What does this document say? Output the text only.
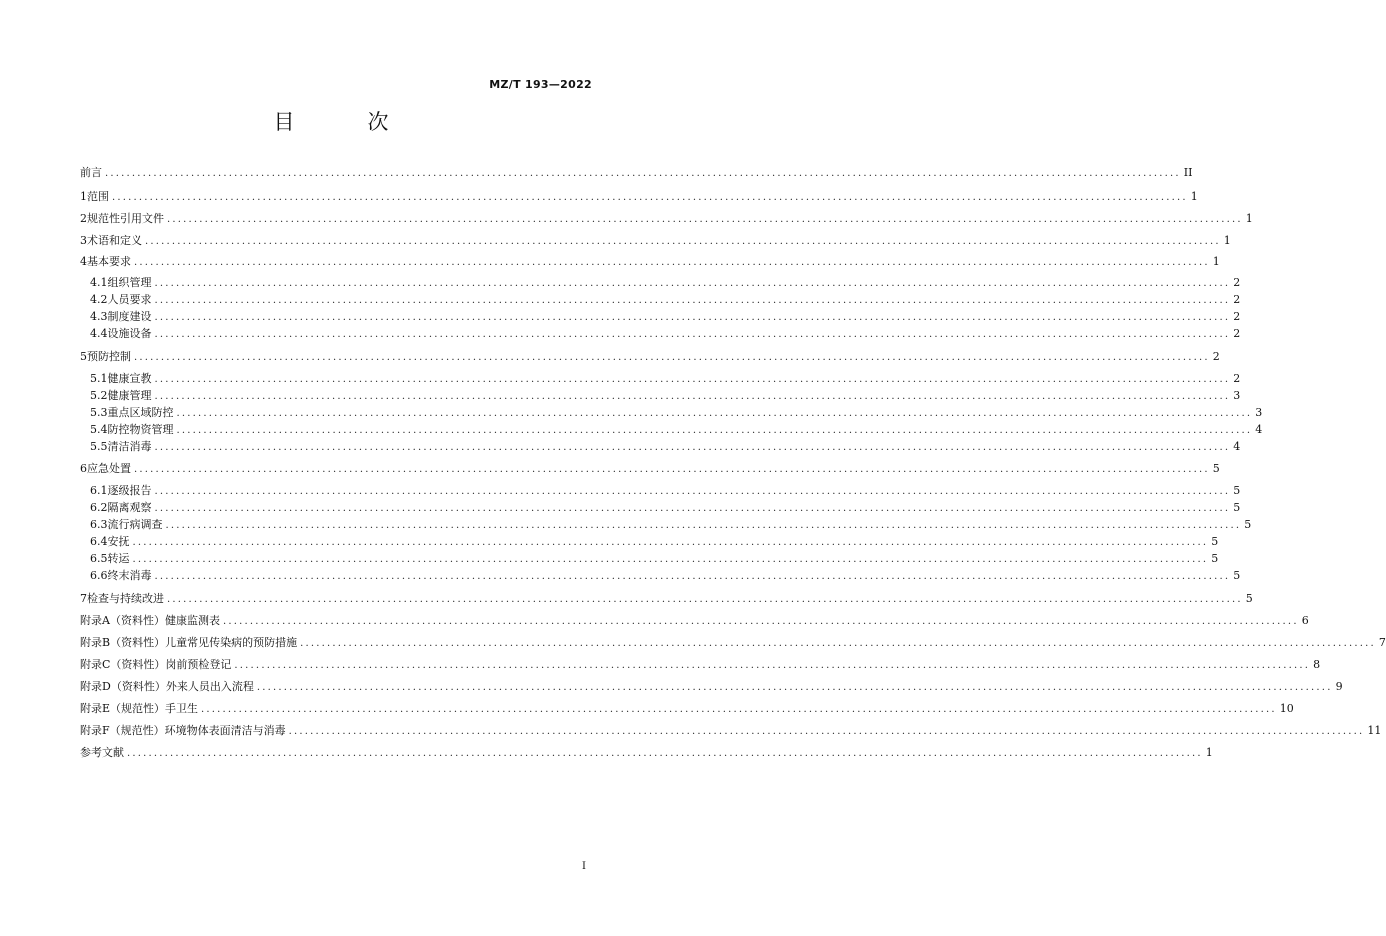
MZ/T 193—2022
目　次
前言 ........................................................................................................................................................................................................ II
1 范围 ........................................................................................................................................................................................................ 1
2 规范性引用文件 ........................................................................................................................................................................................................ 1
3 术语和定义 ........................................................................................................................................................................................................ 1
4 基本要求 ........................................................................................................................................................................................................ 1
4.1 组织管理 ........................................................................................................................................................................................................ 2
4.2 人员要求 ........................................................................................................................................................................................................ 2
4.3 制度建设 ........................................................................................................................................................................................................ 2
4.4 设施设备 ........................................................................................................................................................................................................ 2
5 预防控制 ........................................................................................................................................................................................................ 2
5.1 健康宣教 ........................................................................................................................................................................................................ 2
5.2 健康管理 ........................................................................................................................................................................................................ 3
5.3 重点区域防控 ........................................................................................................................................................................................................ 3
5.4 防控物资管理 ........................................................................................................................................................................................................ 4
5.5 清洁消毒 ........................................................................................................................................................................................................ 4
6 应急处置 ........................................................................................................................................................................................................ 5
6.1 逐级报告 ........................................................................................................................................................................................................ 5
6.2 隔离观察 ........................................................................................................................................................................................................ 5
6.3 流行病调查 ........................................................................................................................................................................................................ 5
6.4 安抚 ........................................................................................................................................................................................................ 5
6.5 转运 ........................................................................................................................................................................................................ 5
6.6 终末消毒 ........................................................................................................................................................................................................ 5
7 检查与持续改进 ........................................................................................................................................................................................................ 5
附录A（资料性） 健康监测表 ........................................................................................................................................................................................................ 6
附录B（资料性） 儿童常见传染病的预防措施 ........................................................................................................................................................................................................ 7
附录C（资料性） 岗前预检登记 ........................................................................................................................................................................................................ 8
附录D（资料性） 外来人员出入流程 ........................................................................................................................................................................................................ 9
附录E（规范性） 手卫生 ........................................................................................................................................................................................................ 10
附录F（规范性） 环境物体表面清洁与消毒 ........................................................................................................................................................................................................ 11
参考文献 ........................................................................................................................................................................................................ 1
I
